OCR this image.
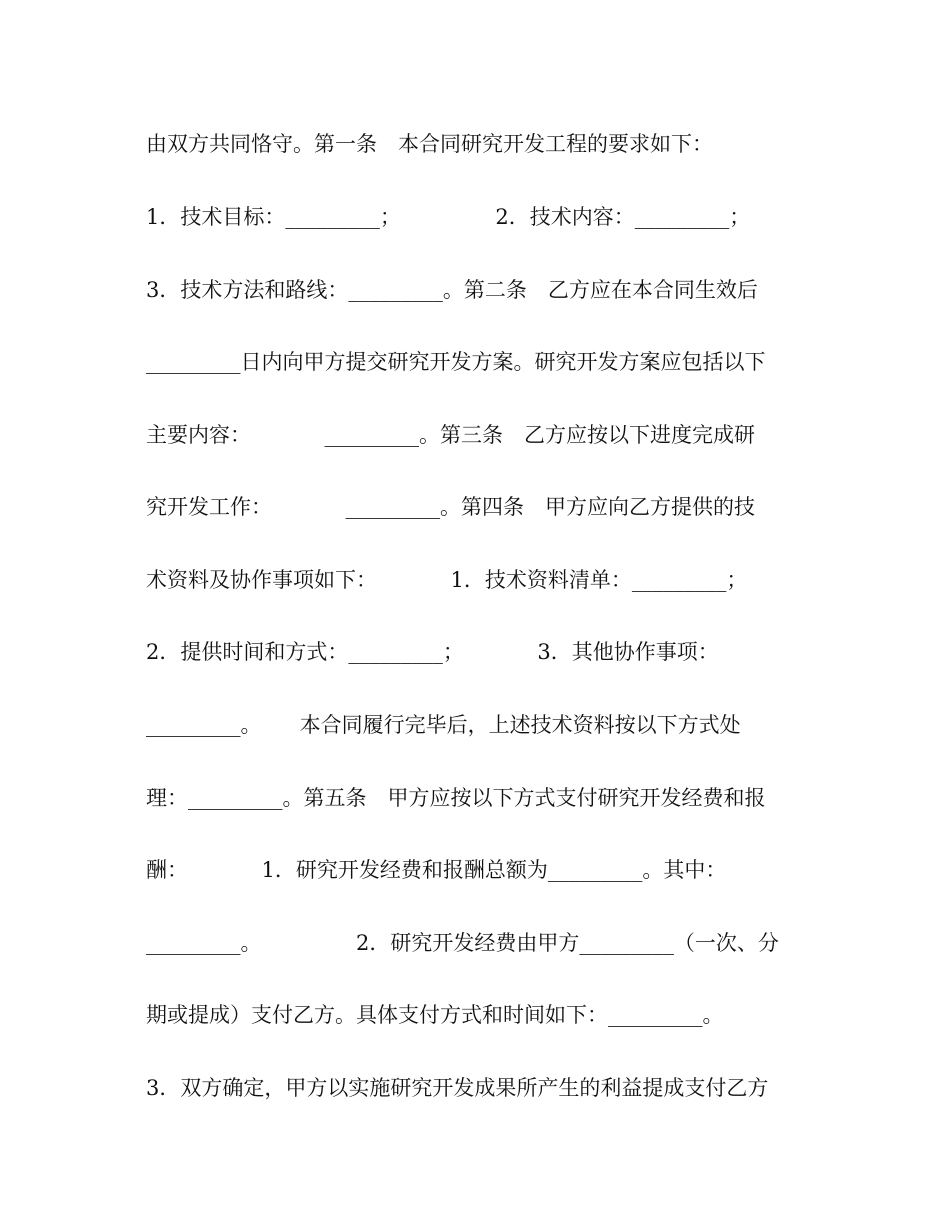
由双方共同恪守。第一条　本合同研究开发工程的要求如下：
1．技术目标：_________；　　　　　2．技术内容：_________；
3．技术方法和路线：_________。第二条　乙方应在本合同生效后
_________日内向甲方提交研究开发方案。研究开发方案应包括以下
主要内容：　　　　_________。第三条　乙方应按以下进度完成研
究开发工作：　　　　_________。第四条　甲方应向乙方提供的技
术资料及协作事项如下：　　　　1．技术资料清单：_________；
2．提供时间和方式：_________；　　　　3．其他协作事项：
_________。　　 本合同履行完毕后，上述技术资料按以下方式处
理：_________。第五条　甲方应按以下方式支付研究开发经费和报
酬：　　　　1．研究开发经费和报酬总额为_________。其中：
_________。　　　　　2．研究开发经费由甲方_________（一次、分
期或提成）支付乙方。具体支付方式和时间如下：_________。
3．双方确定，甲方以实施研究开发成果所产生的利益提成支付乙方
